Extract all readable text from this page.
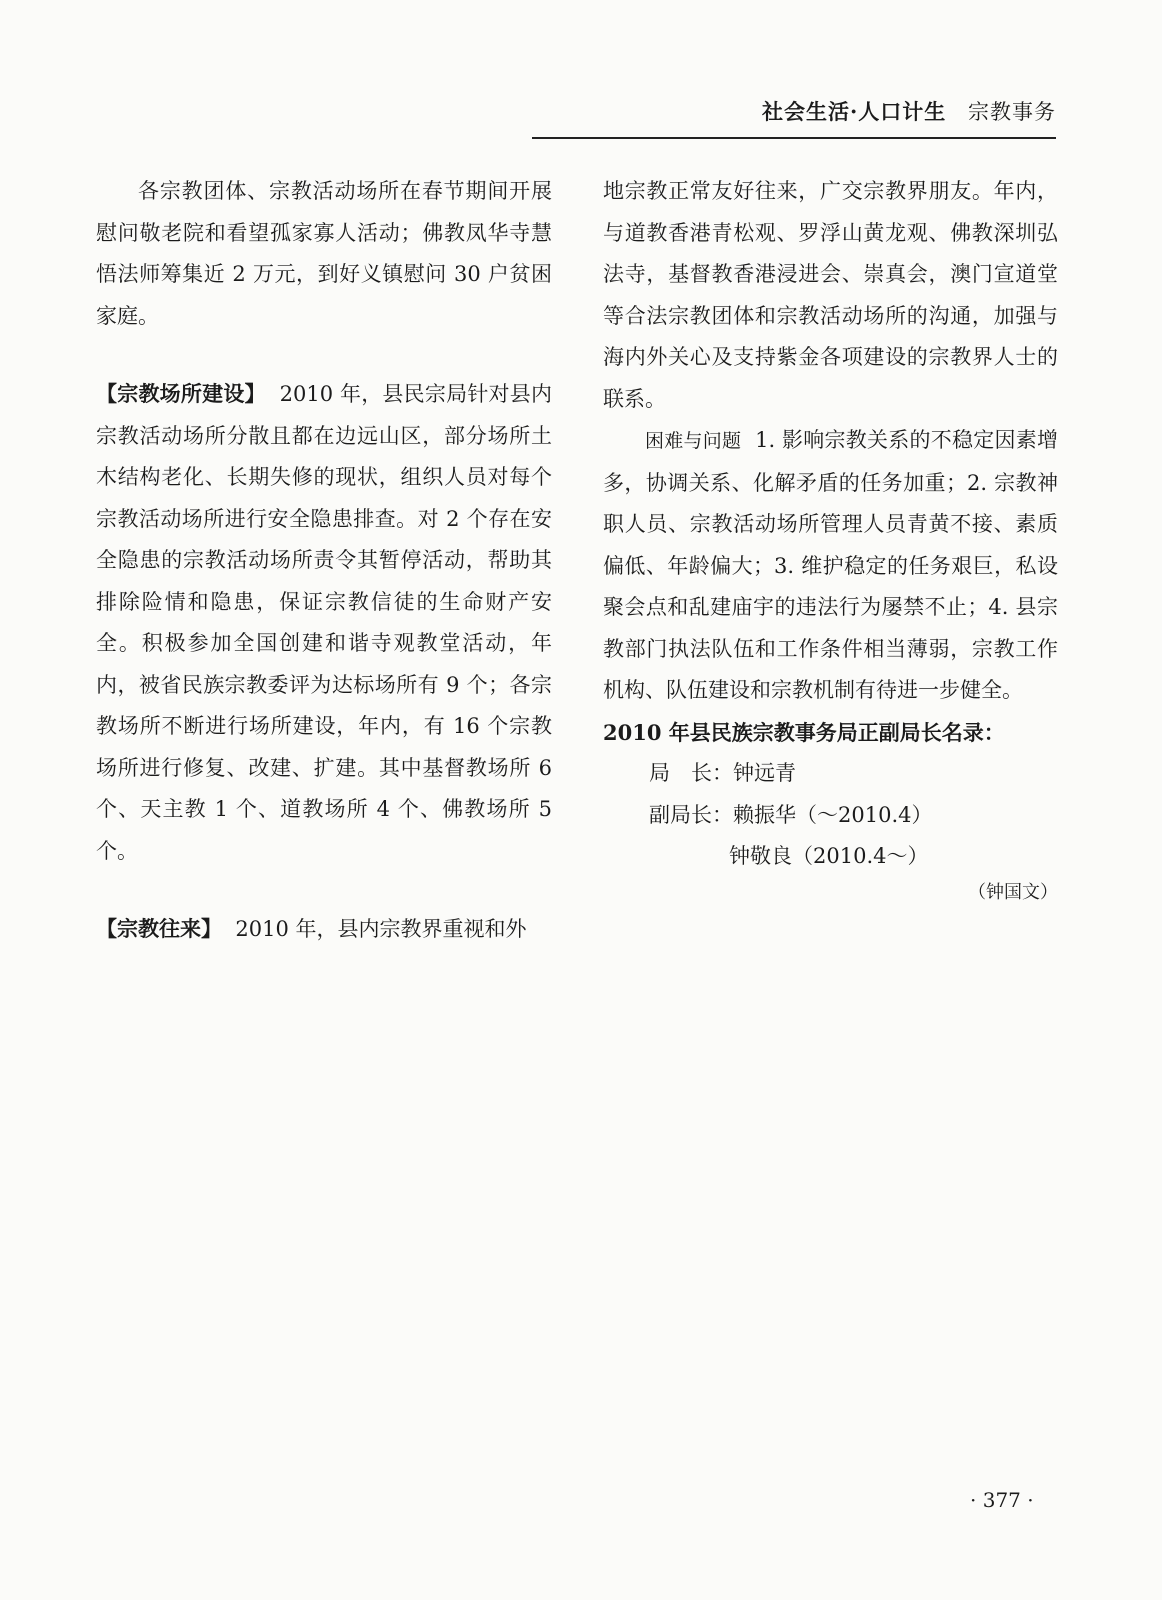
社会生活·人口计生 宗教事务

各宗教团体、宗教活动场所在春节期间开展慰问敬老院和看望孤家寡人活动；佛教凤华寺慧悟法师筹集近 2 万元，到好义镇慰问 30 户贫困家庭。

【宗教场所建设】 2010 年，县民宗局针对县内宗教活动场所分散且都在边远山区，部分场所土木结构老化、长期失修的现状，组织人员对每个宗教活动场所进行安全隐患排查。对 2 个存在安全隐患的宗教活动场所责令其暂停活动，帮助其排除险情和隐患，保证宗教信徒的生命财产安全。积极参加全国创建和谐寺观教堂活动，年内，被省民族宗教委评为达标场所有 9 个；各宗教场所不断进行场所建设，年内，有 16 个宗教场所进行修复、改建、扩建。其中基督教场所 6 个、天主教 1 个、道教场所 4 个、佛教场所 5 个。

【宗教往来】 2010 年，县内宗教界重视和外

地宗教正常友好往来，广交宗教界朋友。年内，与道教香港青松观、罗浮山黄龙观、佛教深圳弘法寺，基督教香港浸进会、崇真会，澳门宣道堂等合法宗教团体和宗教活动场所的沟通，加强与海内外关心及支持紫金各项建设的宗教界人士的联系。

困难与问题 1. 影响宗教关系的不稳定因素增多，协调关系、化解矛盾的任务加重；2. 宗教神职人员、宗教活动场所管理人员青黄不接、素质偏低、年龄偏大；3. 维护稳定的任务艰巨，私设聚会点和乱建庙宇的违法行为屡禁不止；4. 县宗教部门执法队伍和工作条件相当薄弱，宗教工作机构、队伍建设和宗教机制有待进一步健全。

2010 年县民族宗教事务局正副局长名录：

局　长：钟远青

副局长：赖振华（～2010.4）

钟敬良（2010.4～）

（钟国文）

· 377 ·
